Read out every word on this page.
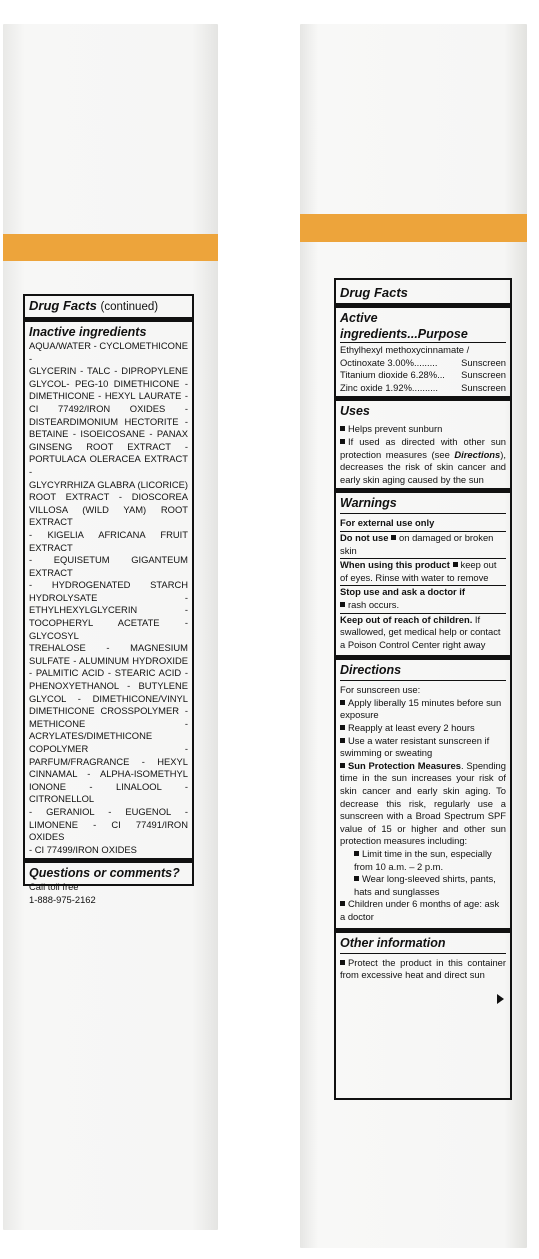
Drug Facts (continued)
Inactive ingredients
AQUA/WATER - CYCLOMETHICONE -
GLYCERIN - TALC - DIPROPYLENE
GLYCOL- PEG-10 DIMETHICONE -
DIMETHICONE - HEXYL LAURATE -
CI 77492/IRON OXIDES -
DISTEARDIMONIUM HECTORITE -
BETAINE - ISOEICOSANE - PANAX
GINSENG ROOT EXTRACT -
PORTULACA OLERACEA EXTRACT -
GLYCYRRHIZA GLABRA (LICORICE)
ROOT EXTRACT - DIOSCOREA
VILLOSA (WILD YAM) ROOT EXTRACT
- KIGELIA AFRICANA FRUIT EXTRACT
- EQUISETUM GIGANTEUM EXTRACT
- HYDROGENATED STARCH
HYDROLYSATE -
ETHYLHEXYLGLYCERIN -
TOCOPHERYL ACETATE - GLYCOSYL
TREHALOSE - MAGNESIUM
SULFATE - ALUMINUM HYDROXIDE
- PALMITIC ACID - STEARIC ACID -
PHENOXYETHANOL - BUTYLENE
GLYCOL - DIMETHICONE/VINYL
DIMETHICONE CROSSPOLYMER -
METHICONE -
ACRYLATES/DIMETHICONE
COPOLYMER -
PARFUM/FRAGRANCE - HEXYL
CINNAMAL - ALPHA-ISOMETHYL
IONONE - LINALOOL - CITRONELLOL
- GERANIOL - EUGENOL -
LIMONENE - CI 77491/IRON OXIDES
- CI 77499/IRON OXIDES
Questions or comments?

Call toll free

1-888-975-2162

Drug Facts
Active ingredients...Purpose
Ethylhexyl methoxycinnamate /
Octinoxate 3.00%.........	Sunscreen
Titanium dioxide 6.28%... Sunscreen
Zinc oxide 1.92%.......... Sunscreen
Uses

Helps prevent sunburn

If used as directed with other sun protection measures (see Directions), decreases the risk of skin cancer and early skin aging caused by the sun

Warnings

For external use only

Do not use on damaged or broken skin

When using this product keep out of eyes. Rinse with water to remove

Stop use and ask a doctor if
rash occurs.

Keep out of reach of children. If swallowed, get medical help or contact a Poison Control Center right away

Directions

For sunscreen use:

Apply liberally 15 minutes before sun exposure

Reapply at least every 2 hours

Use a water resistant sunscreen if swimming or sweating

Sun Protection Measures. Spending time in the sun increases your risk of skin cancer and early skin aging. To decrease this risk, regularly use a sunscreen with a Broad Spectrum SPF value of 15 or higher and other sun protection measures including:

Limit time in the sun, especially from 10 a.m. – 2 p.m.

Wear long-sleeved shirts, pants, hats and sunglasses

Children under 6 months of age: ask a doctor

Other information

Protect the product in this container from excessive heat and direct sun
